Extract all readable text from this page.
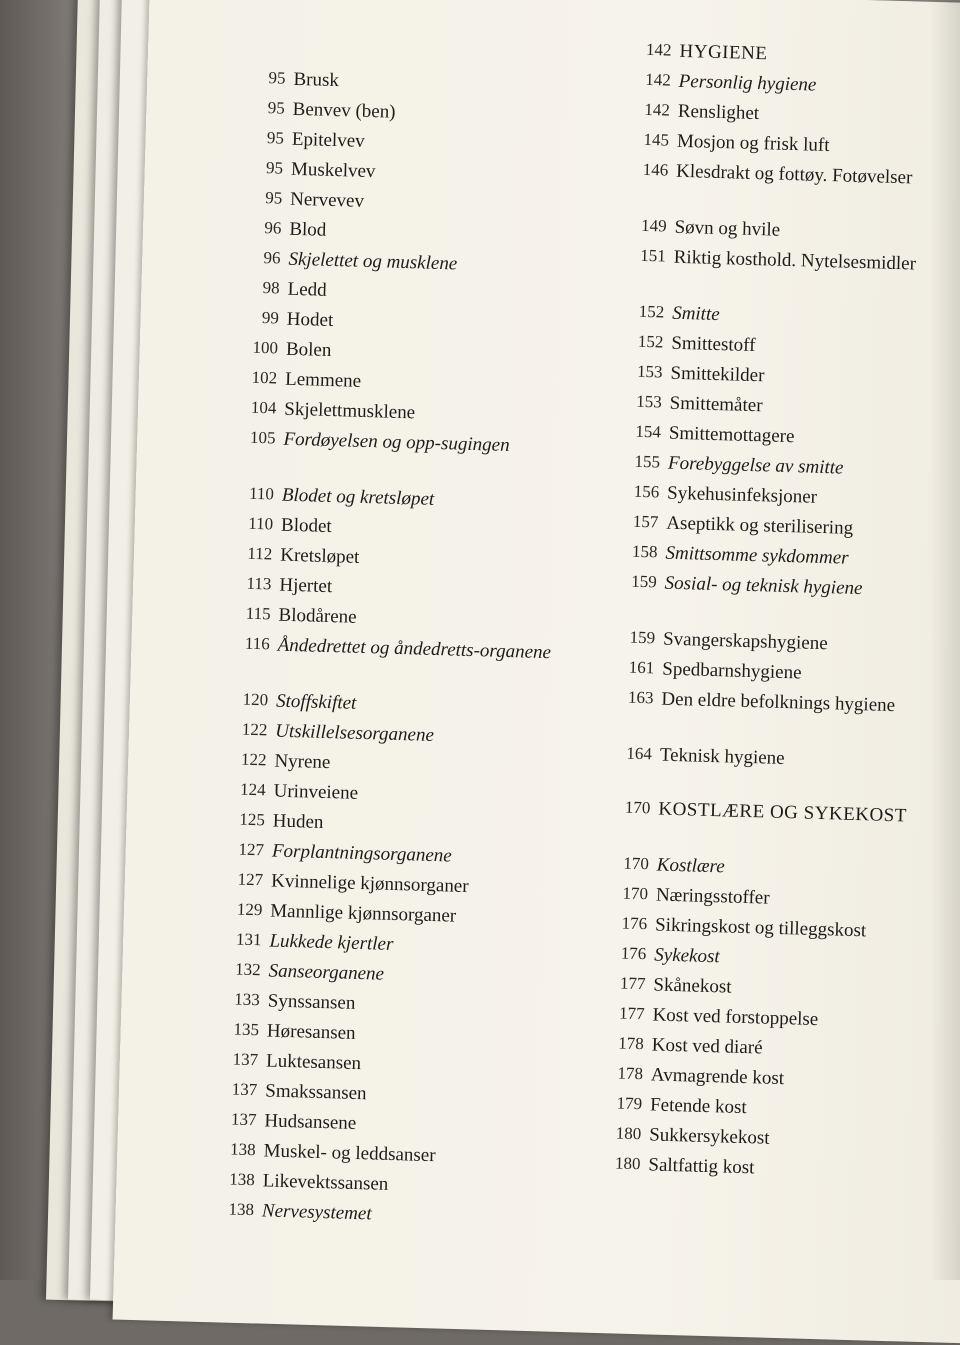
95 Brusk
95 Benvev (ben)
95 Epitelvev
95 Muskelvev
95 Nervevev
96 Blod
96 Skjelettet og musklene
98 Ledd
99 Hodet
100 Bolen
102 Lemmene
104 Skjelettmusklene
105 Fordøyelsen og opp-sugingen
110 Blodet og kretsløpet
110 Blodet
112 Kretsløpet
113 Hjertet
115 Blodårene
116 Åndedrettet og åndedretts-organene
120 Stoffskiftet
122 Utskillelsesorganene
122 Nyrene
124 Urinveiene
125 Huden
127 Forplantningsorganene
127 Kvinnelige kjønnsorganer
129 Mannlige kjønnsorganer
131 Lukkede kjertler
132 Sanseorganene
133 Synssansen
135 Høresansen
137 Luktesansen
137 Smakssansen
137 Hudsansene
138 Muskel- og leddsanser
138 Likevektssansen
138 Nervesystemet
142 HYGIENE
142 Personlig hygiene
142 Renslighet
145 Mosjon og frisk luft
146 Klesdrakt og fottøy. Fotøvelser
149 Søvn og hvile
151 Riktig kosthold. Nytelsesmidler
152 Smitte
152 Smittestoff
153 Smittekilder
153 Smittemåter
154 Smittemottagere
155 Forebyggelse av smitte
156 Sykehusinfeksjoner
157 Aseptikk og sterilisering
158 Smittsomme sykdommer
159 Sosial- og teknisk hygiene
159 Svangerskapshygiene
161 Spedbarnshygiene
163 Den eldre befolknings hygiene
164 Teknisk hygiene
170 KOSTLÆRE OG SYKEKOST
170 Kostlære
170 Næringsstoffer
176 Sikringskost og tilleggskost
176 Sykekost
177 Skånekost
177 Kost ved forstoppelse
178 Kost ved diaré
178 Avmagrende kost
179 Fetende kost
180 Sukkersykekost
180 Saltfattig kost
